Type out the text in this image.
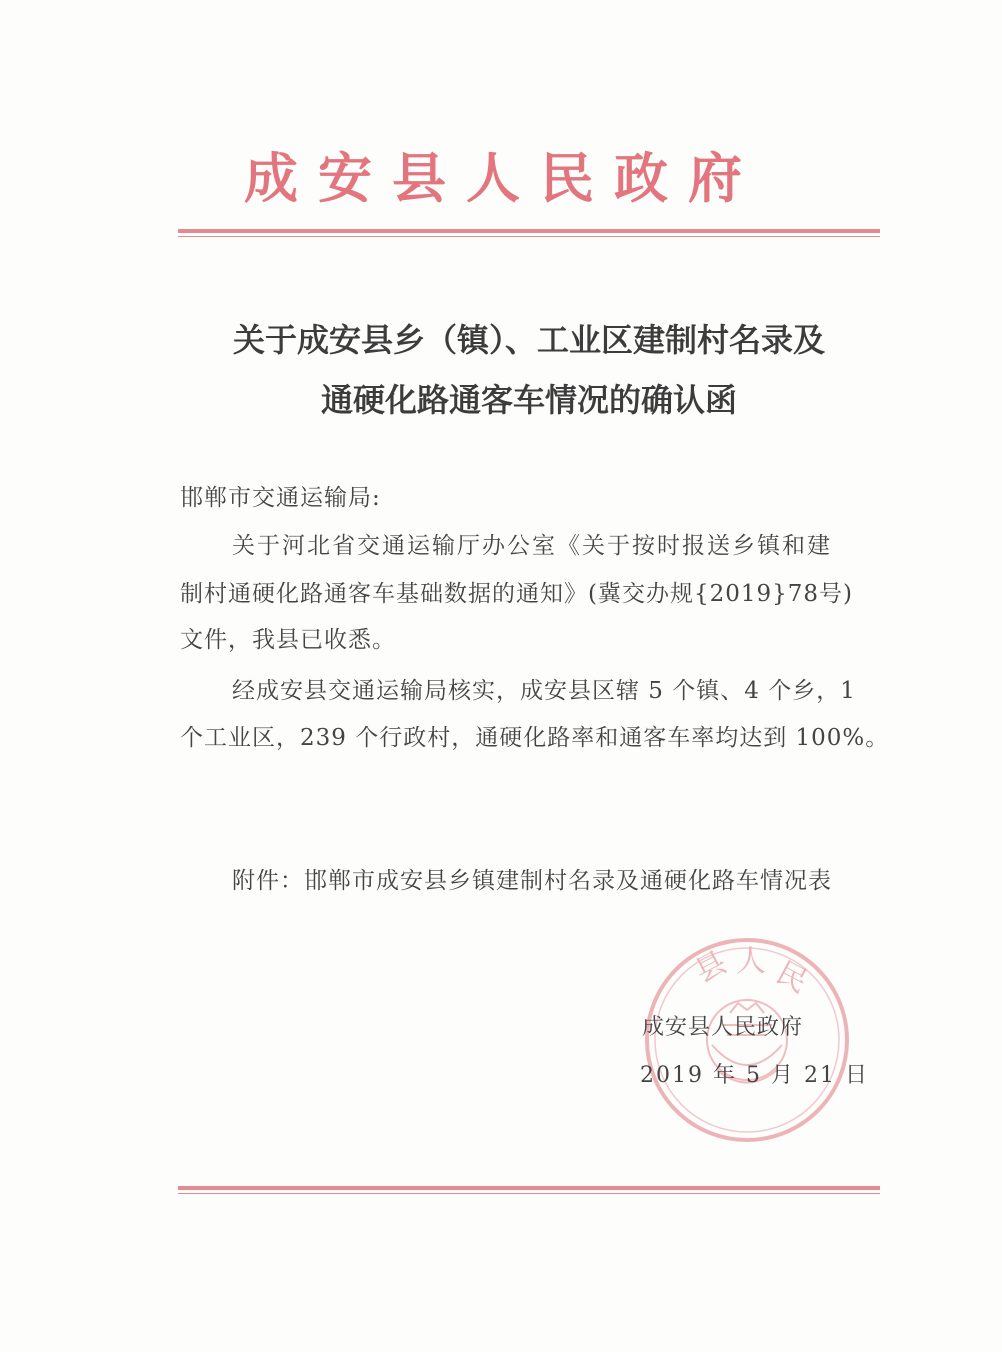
成安县人民政府
关于成安县乡（镇）、工业区建制村名录及
通硬化路通客车情况的确认函
邯郸市交通运输局:
关于河北省交通运输厅办公室《关于按时报送乡镇和建
制村通硬化路通客车基础数据的通知》(冀交办规{2019}78号)
文件，我县已收悉。
经成安县交通运输局核实，成安县区辖 5 个镇、4 个乡，1
个工业区，239 个行政村，通硬化路率和通客车率均达到 100%。
附件：邯郸市成安县乡镇建制村名录及通硬化路车情况表
县 人 民
成安县人民政府
2019 年 5 月 21 日
